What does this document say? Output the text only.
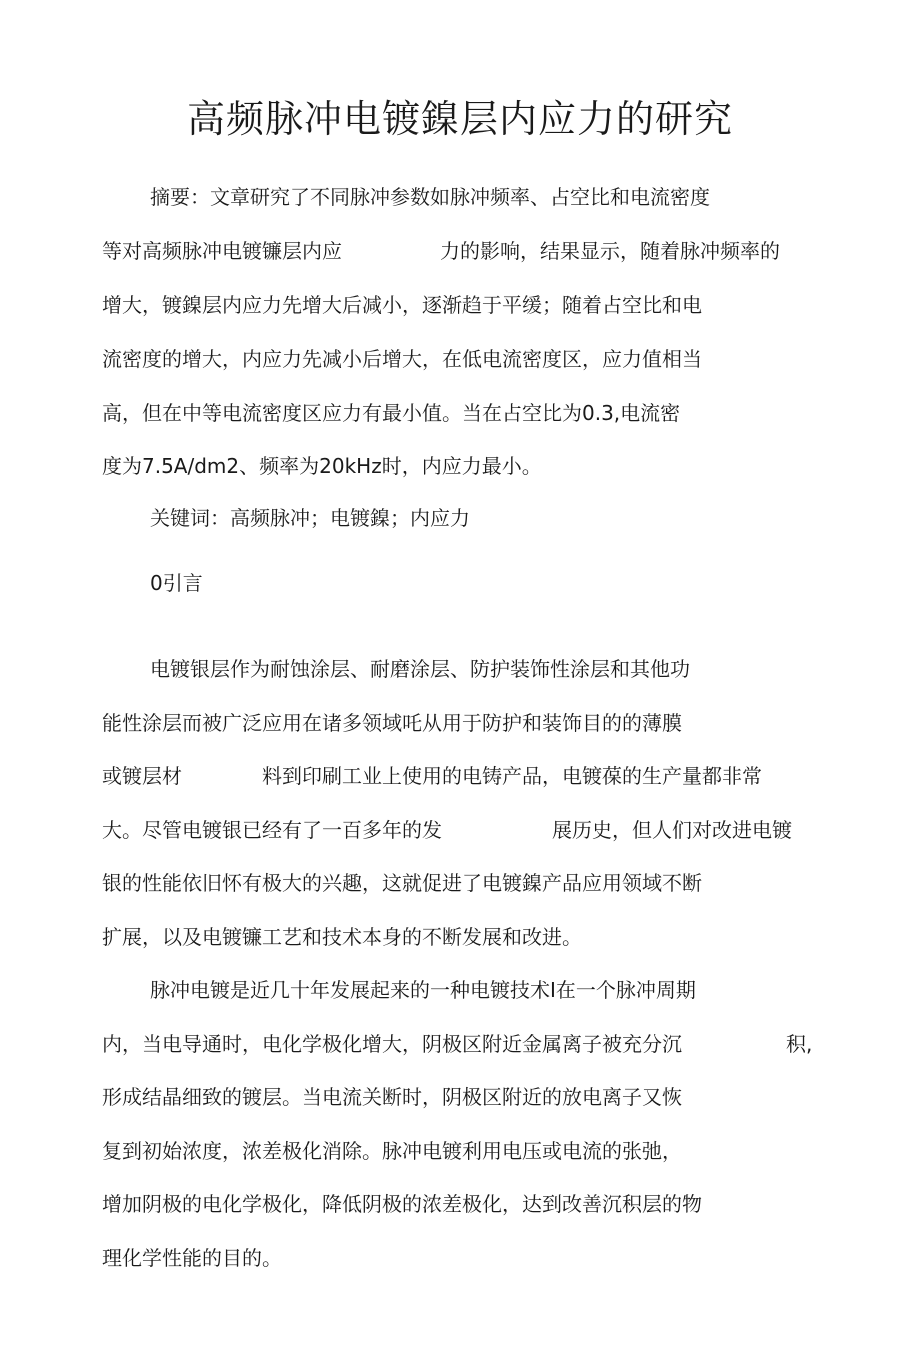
高频脉冲电镀鎳层内应力的研究

摘要：文章研究了不同脉冲参数如脉冲频率、占空比和电流密度

等对高频脉冲电镀镰层内应	力的影响，结果显示，随着脉冲频率的

增大，镀鎳层内应力先增大后减小，逐渐趋于平缓；随着占空比和电

流密度的增大，内应力先减小后增大，在低电流密度区，应力值相当

高，但在中等电流密度区应力有最小值。当在占空比为0.3,电流密

度为7.5A/dm2、频率为20kHz时，内应力最小。

关键词：高频脉冲；电镀鎳；内应力

0引言

电镀银层作为耐蚀涂层、耐磨涂层、防护装饰性涂层和其他功

能性涂层而被广泛应用在诸多领域吒从用于防护和装饰目的的薄膜

或镀层材	料到印刷工业上使用的电铸产品，电镀葆的生产量都非常

大。尽管电镀银已经有了一百多年的发	展历史，但人们对改进电镀

银的性能依旧怀有极大的兴趣，这就促进了电镀鎳产品应用领域不断

扩展，以及电镀镰工艺和技术本身的不断发展和改进。

脉冲电镀是近几十年发展起来的一种电镀技术I在一个脉冲周期

内，当电导通时，电化学极化增大，阴极区附近金属离子被充分沉	积,

形成结晶细致的镀层。当电流关断时，阴极区附近的放电离子又恢

复到初始浓度，浓差极化消除。脉冲电镀利用电压或电流的张弛，

增加阴极的电化学极化，降低阴极的浓差极化，达到改善沉积层的物

理化学性能的目的。
